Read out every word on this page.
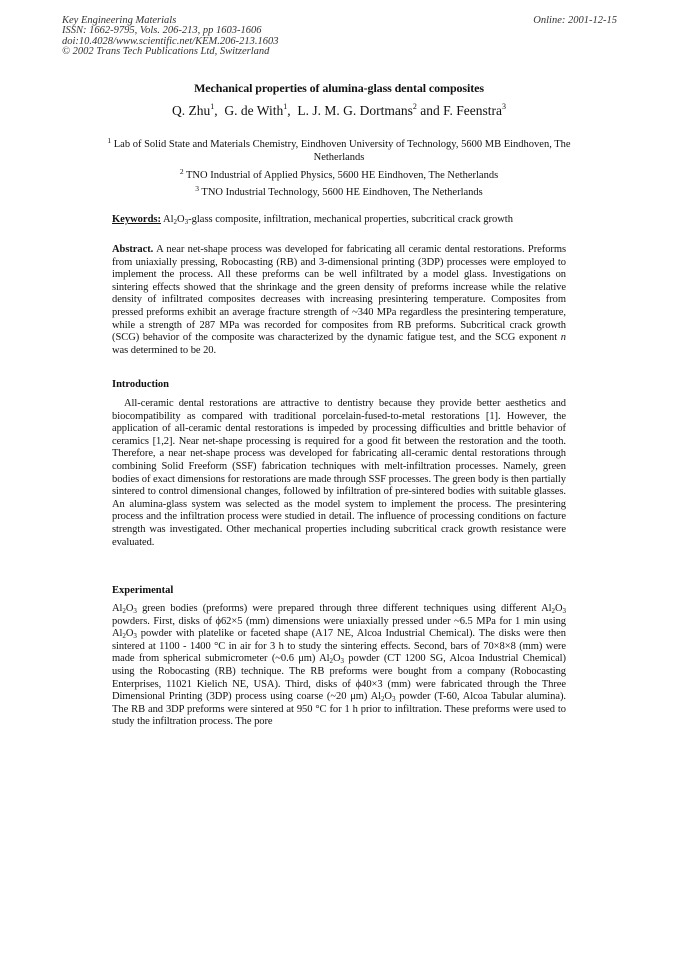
Key Engineering Materials
ISSN: 1662-9795, Vols. 206-213, pp 1603-1606
doi:10.4028/www.scientific.net/KEM.206-213.1603
© 2002 Trans Tech Publications Ltd, Switzerland
Online: 2001-12-15
Mechanical properties of alumina-glass dental composites
Q. Zhu$^1$,  G. de With$^1$,  L. J. M. G. Dortmans$^2$ and F. Feenstra$^3$
$^1$ Lab of Solid State and Materials Chemistry, Eindhoven University of Technology, 5600 MB Eindhoven, The Netherlands
$^2$ TNO Industrial of Applied Physics, 5600 HE Eindhoven, The Netherlands
$^3$ TNO Industrial Technology, 5600 HE Eindhoven, The Netherlands
Keywords: $Al_2O_3$-glass composite, infiltration, mechanical properties, subcritical crack growth

Abstract. A near net-shape process was developed for fabricating all ceramic dental restorations. Preforms from uniaxially pressing, Robocasting (RB) and 3-dimensional printing (3DP) processes were employed to implement the process. All these preforms can be well infiltrated by a model glass. Investigations on sintering effects showed that the shrinkage and the green density of preforms increase while the relative density of infiltrated composites decreases with increasing presintering temperature. Composites from pressed preforms exhibit an average fracture strength of ~340 MPa regardless the presintering temperature, while a strength of 287 MPa was recorded for composites from RB preforms. Subcritical crack growth (SCG) behavior of the composite was characterized by the dynamic fatigue test, and the SCG exponent n was determined to be 20.

Introduction

All-ceramic dental restorations are attractive to dentistry because they provide better aesthetics and biocompatibility as compared with traditional porcelain-fused-to-metal restorations [1]. However, the application of all-ceramic dental restorations is impeded by processing difficulties and brittle behavior of ceramics [1,2]. Near net-shape processing is required for a good fit between the restoration and the tooth. Therefore, a near net-shape process was developed for fabricating all-ceramic dental restorations through combining Solid Freeform (SSF) fabrication techniques with melt-infiltration processes. Namely, green bodies of exact dimensions for restorations are made through SSF processes. The green body is then partially sintered to control dimensional changes, followed by infiltration of pre-sintered bodies with suitable glasses. An alumina-glass system was selected as the model system to implement the process. The presintering process and the infiltration process were studied in detail. The influence of processing conditions on facture strength was investigated. Other mechanical properties including subcritical crack growth resistance were evaluated.

Experimental

$Al_2O_3$ green bodies (preforms) were prepared through three different techniques using different $Al_2O_3$ powders. First, disks of ϕ62×5 (mm) dimensions were uniaxially pressed under ~6.5 MPa for 1 min using $Al_2O_3$ powder with platelike or faceted shape (A17 NE, Alcoa Industrial Chemical). The disks were then sintered at 1100 - 1400 °C in air for 3 h to study the sintering effects. Second, bars of 70×8×8 (mm) were made from spherical submicrometer (~0.6 μm) $Al_2O_3$ powder (CT 1200 SG, Alcoa Industrial Chemical) using the Robocasting (RB) technique. The RB preforms were bought from a company (Robocasting Enterprises, 11021 Kielich NE, USA). Third, disks of ϕ40×3 (mm) were fabricated through the Three Dimensional Printing (3DP) process using coarse (~20 μm) $Al_2O_3$ powder (T-60, Alcoa Tabular alumina). The RB and 3DP preforms were sintered at 950 °C for 1 h prior to infiltration. These preforms were used to study the infiltration process. The pore
